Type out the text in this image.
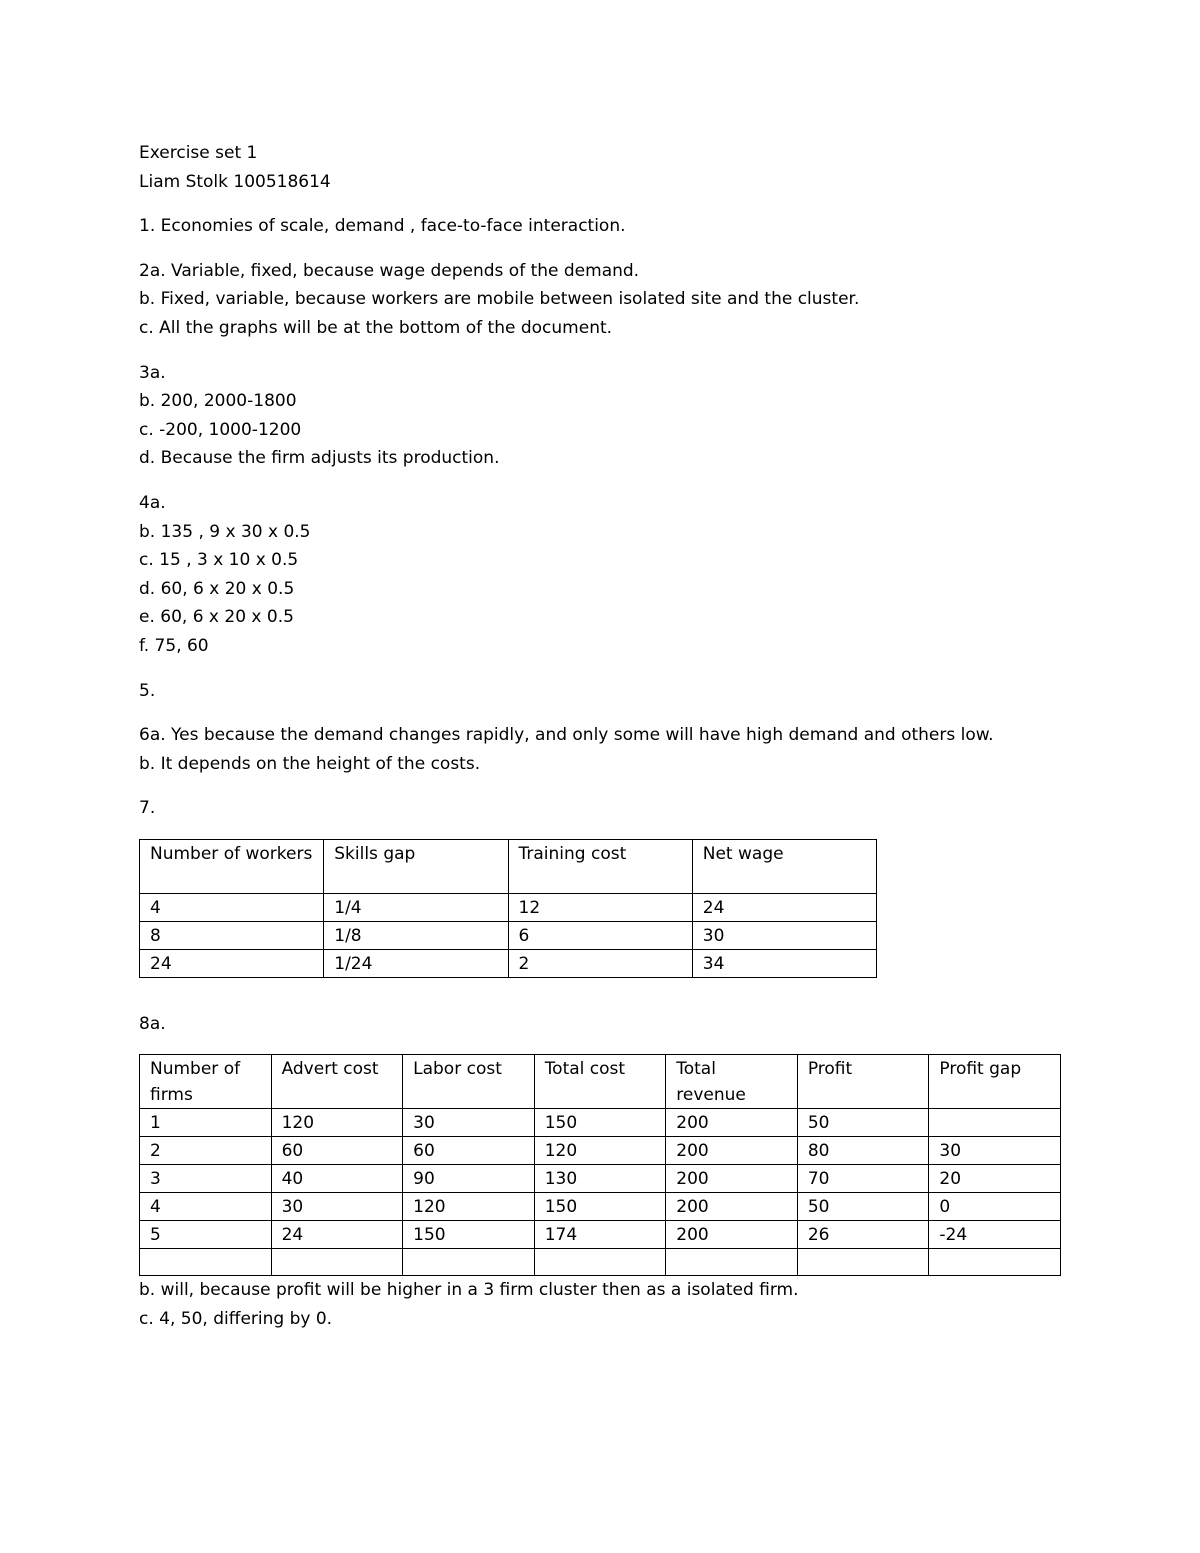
Exercise set 1
Liam Stolk 100518614
1. Economies of scale, demand , face-to-face interaction.
2a. Variable, fixed, because wage depends of the demand.
b. Fixed, variable, because workers are mobile between isolated site and the cluster.
c. All the graphs will be at the bottom of the document.
3a.
b. 200, 2000-1800
c. -200, 1000-1200
d. Because the firm adjusts its production.
4a.
b. 135 , 9 x 30 x 0.5
c. 15 , 3 x 10 x 0.5
d. 60, 6 x 20 x 0.5
e. 60, 6 x 20 x 0.5
f. 75, 60
5.
6a. Yes because the demand changes rapidly, and only some will have high demand and others low.
b. It depends on the height of the costs.
7.
Number of workers	Skills gap	Training cost	Net wage
4	1/4	12	24
8	1/8	6	30
24	1/24	2	34
8a.
Number of firms	Advert cost	Labor cost	Total cost	Total revenue	Profit	Profit gap
1	120	30	150	200	50	
2	60	60	120	200	80	30
3	40	90	130	200	70	20
4	30	120	150	200	50	0
5	24	150	174	200	26	-24

b. will, because profit will be higher in a 3 firm cluster then as a isolated firm.
c. 4, 50, differing by 0.
